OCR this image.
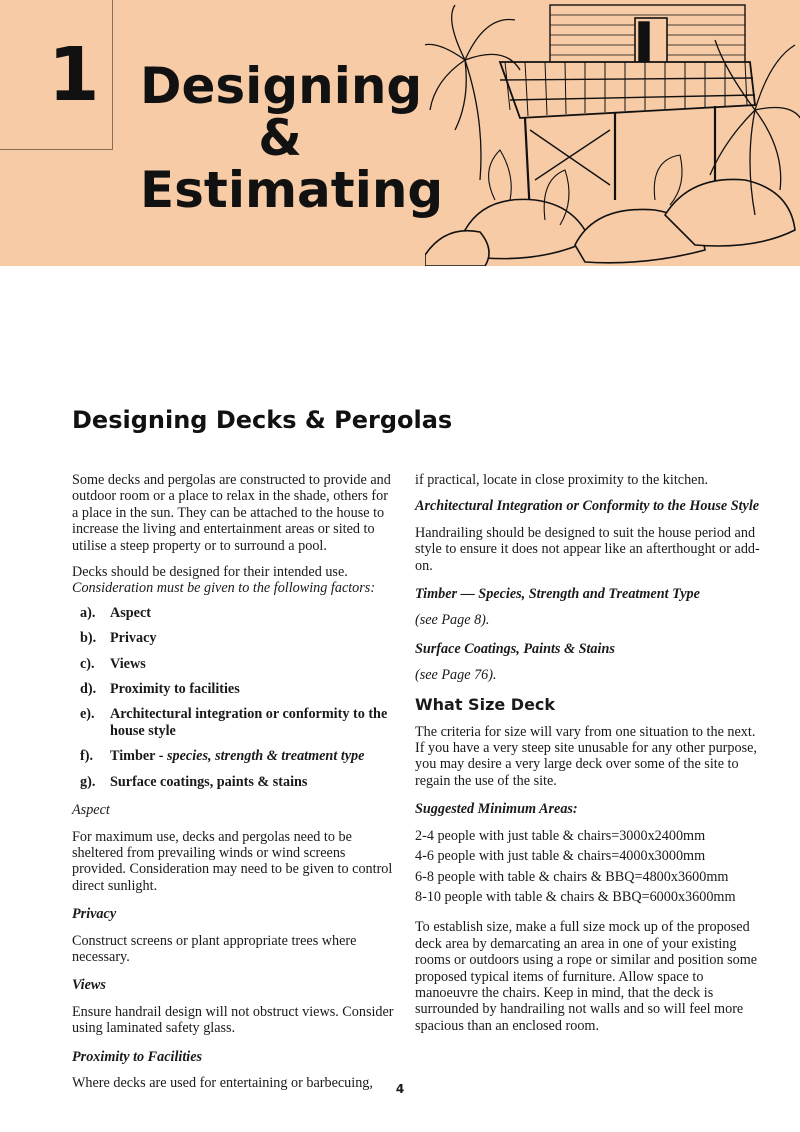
1 Designing
&
Estimating
Designing Decks & Pergolas

Some decks and pergolas are constructed to provide and outdoor room or a place to relax in the shade, others for a place in the sun. They can be attached to the house to increase the living and entertainment areas or sited to utilise a steep property or to surround a pool.

Decks should be designed for their intended use.

Consideration must be given to the following factors:

a).	Aspect
b). Privacy
c).	Views
d). Proximity to facilities
e).	Architectural integration or conformity to the house style
f).	Timber - species, strength & treatment type
g).	Surface coatings, paints & stains

Aspect

For maximum use, decks and pergolas need to be sheltered from prevailing winds or wind screens provided. Consideration may need to be given to control direct sunlight.

Privacy

Construct screens or plant appropriate trees where necessary.

Views

Ensure handrail design will not obstruct views. Consider using laminated safety glass.

Proximity to Facilities

Where decks are used for entertaining or barbecuing,

if practical, locate in close proximity to the kitchen.

Architectural Integration or Conformity to the House Style

Handrailing should be designed to suit the house period and style to ensure it does not appear like an afterthought or add-on.

Timber — Species, Strength and Treatment Type

(see Page 8).

Surface Coatings, Paints & Stains

(see Page 76).

What Size Deck

The criteria for size will vary from one situation to the next. If you have a very steep site unusable for any other purpose, you may desire a very large deck over some of the site to regain the use of the site.

Suggested Minimum Areas:

2-4 people with just table & chairs=3000x2400mm
4-6 people with just table & chairs=4000x3000mm
6-8 people with table & chairs & BBQ=4800x3600mm
8-10 people with table & chairs & BBQ=6000x3600mm

To establish size, make a full size mock up of the proposed deck area by demarcating an area in one of your existing rooms or outdoors using a rope or similar and position some proposed typical items of furniture. Allow space to manoeuvre the chairs. Keep in mind, that the deck is surrounded by handrailing not walls and so will feel more spacious than an enclosed room.

4
